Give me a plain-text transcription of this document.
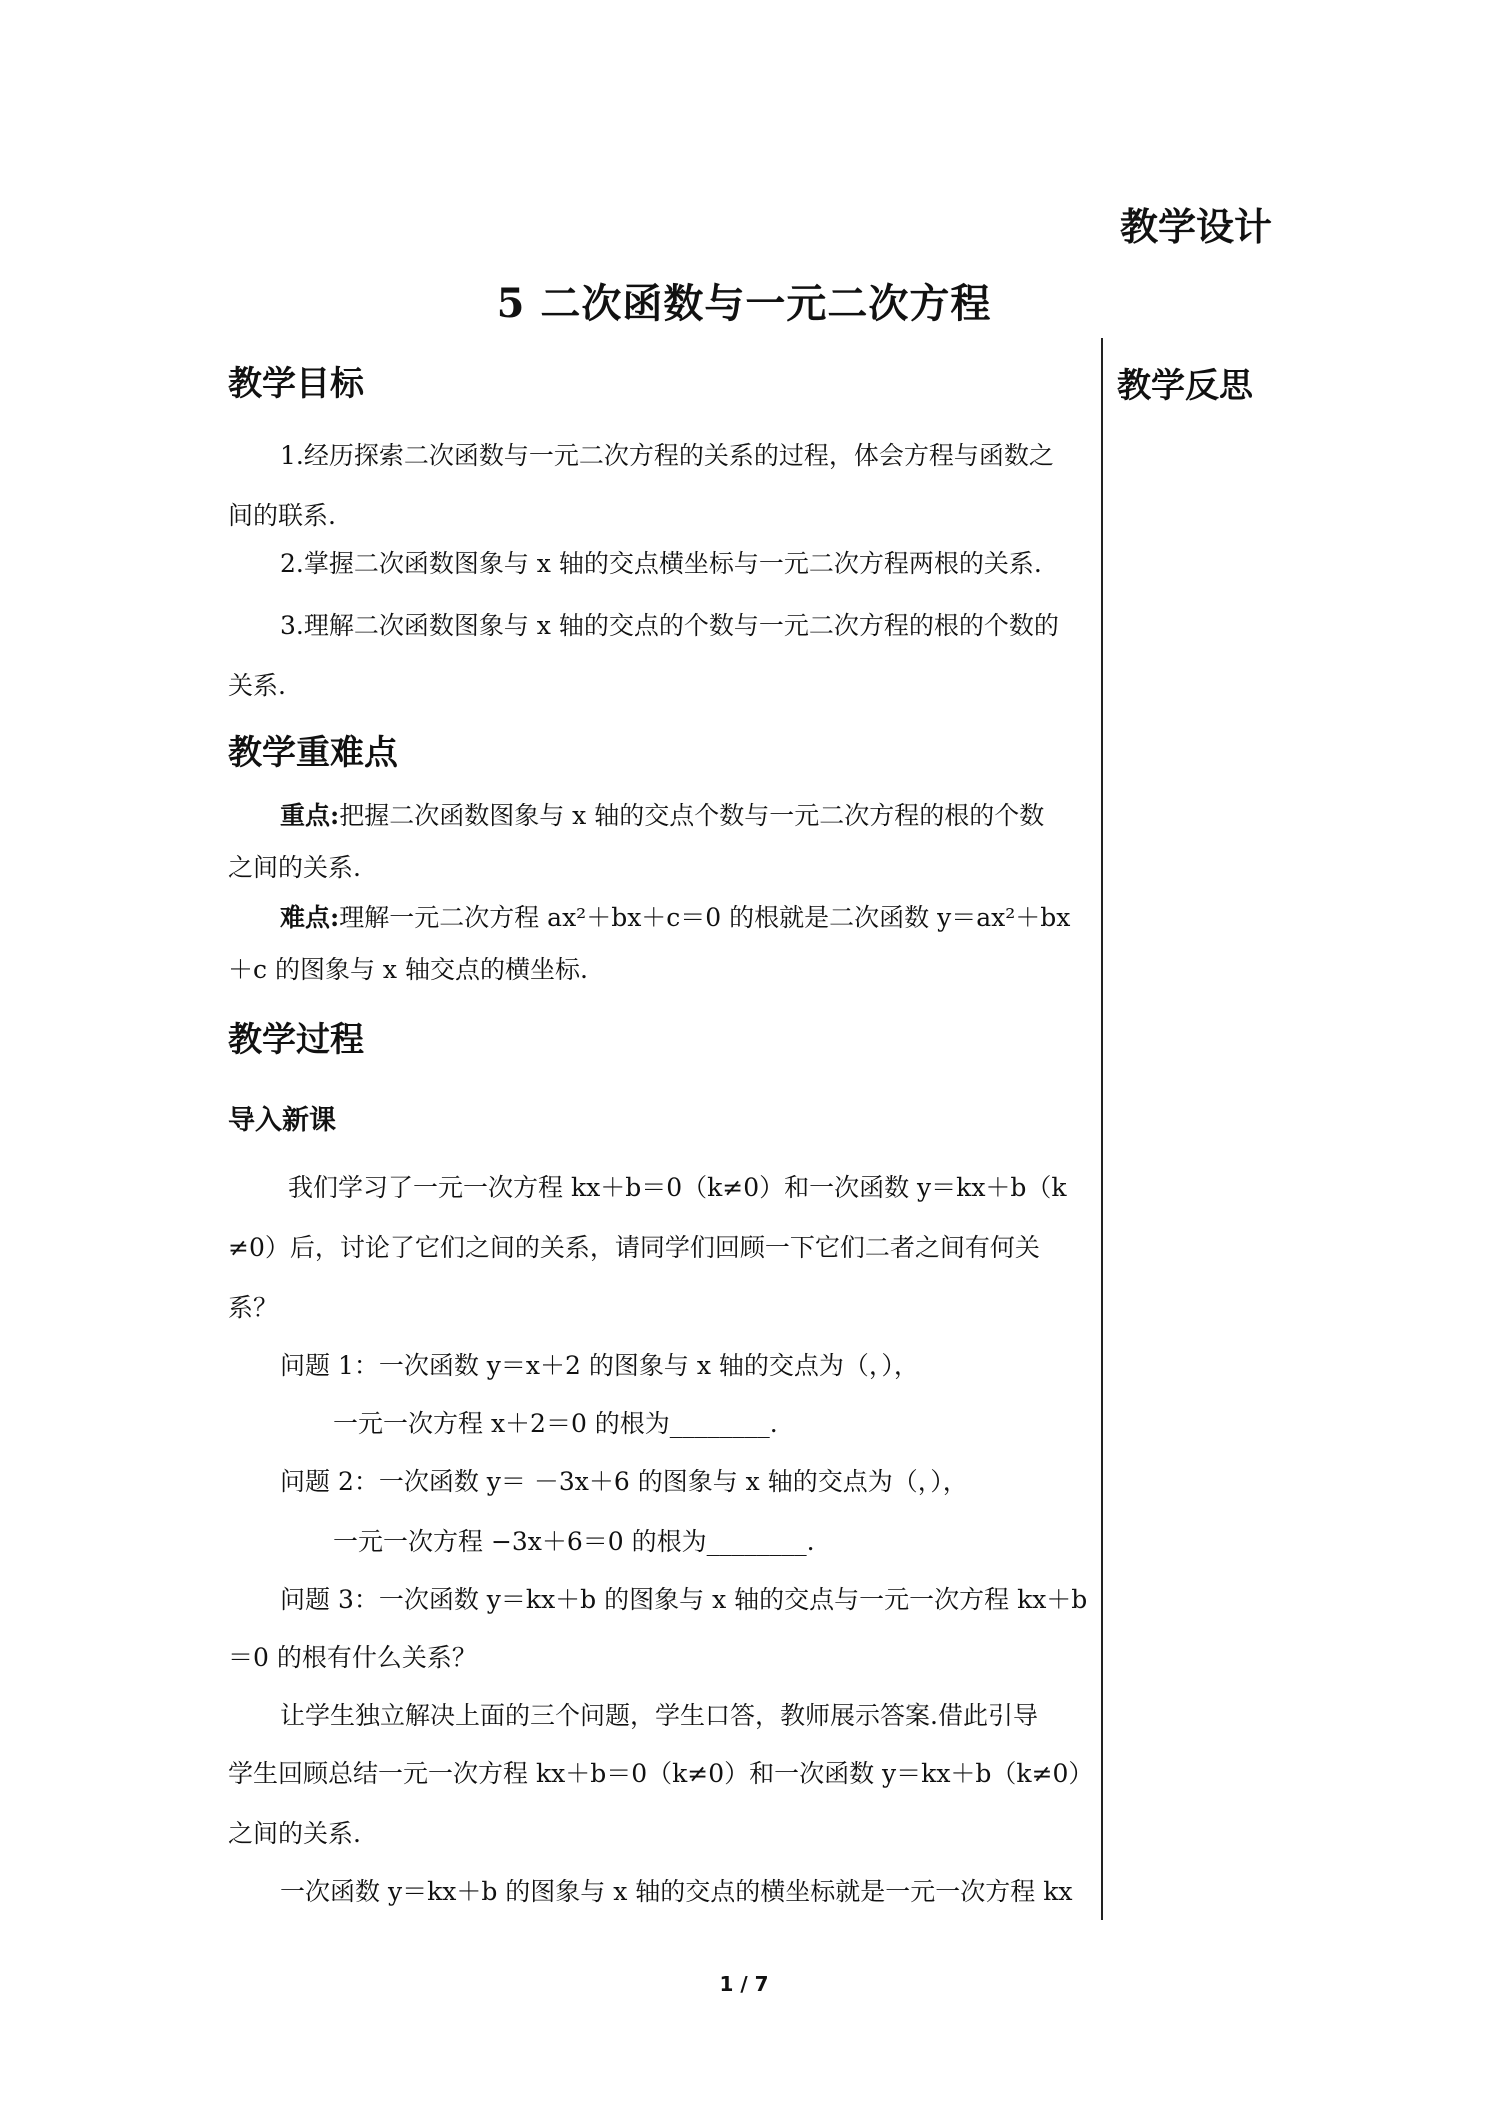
教学设计
5 二次函数与一元二次方程
教学反思
教学目标
1.经历探索二次函数与一元二次方程的关系的过程，体会方程与函数之
间的联系.
2.掌握二次函数图象与 x 轴的交点横坐标与一元二次方程两根的关系.
3.理解二次函数图象与 x 轴的交点的个数与一元二次方程的根的个数的
关系.
教学重难点
重点:把握二次函数图象与 x 轴的交点个数与一元二次方程的根的个数
之间的关系.
难点:理解一元二次方程 ax²＋bx＋c＝0 的根就是二次函数 y＝ax²＋bx
＋c 的图象与 x 轴交点的横坐标.
教学过程
导入新课
我们学习了一元一次方程 kx＋b＝0（k≠0）和一次函数 y＝kx＋b（k
≠0）后，讨论了它们之间的关系，请同学们回顾一下它们二者之间有何关
系？
问题 1：一次函数 y＝x＋2 的图象与 x 轴的交点为（，），
一元一次方程 x＋2＝0 的根为________.
问题 2：一次函数 y＝ －3x＋6 的图象与 x 轴的交点为（，），
一元一次方程 −3x＋6＝0 的根为________.
问题 3：一次函数 y＝kx＋b 的图象与 x 轴的交点与一元一次方程 kx＋b
＝0 的根有什么关系？
让学生独立解决上面的三个问题，学生口答，教师展示答案.借此引导
学生回顾总结一元一次方程 kx＋b＝0（k≠0）和一次函数 y＝kx＋b（k≠0）
之间的关系.
一次函数 y＝kx＋b 的图象与 x 轴的交点的横坐标就是一元一次方程 kx
1 / 7
